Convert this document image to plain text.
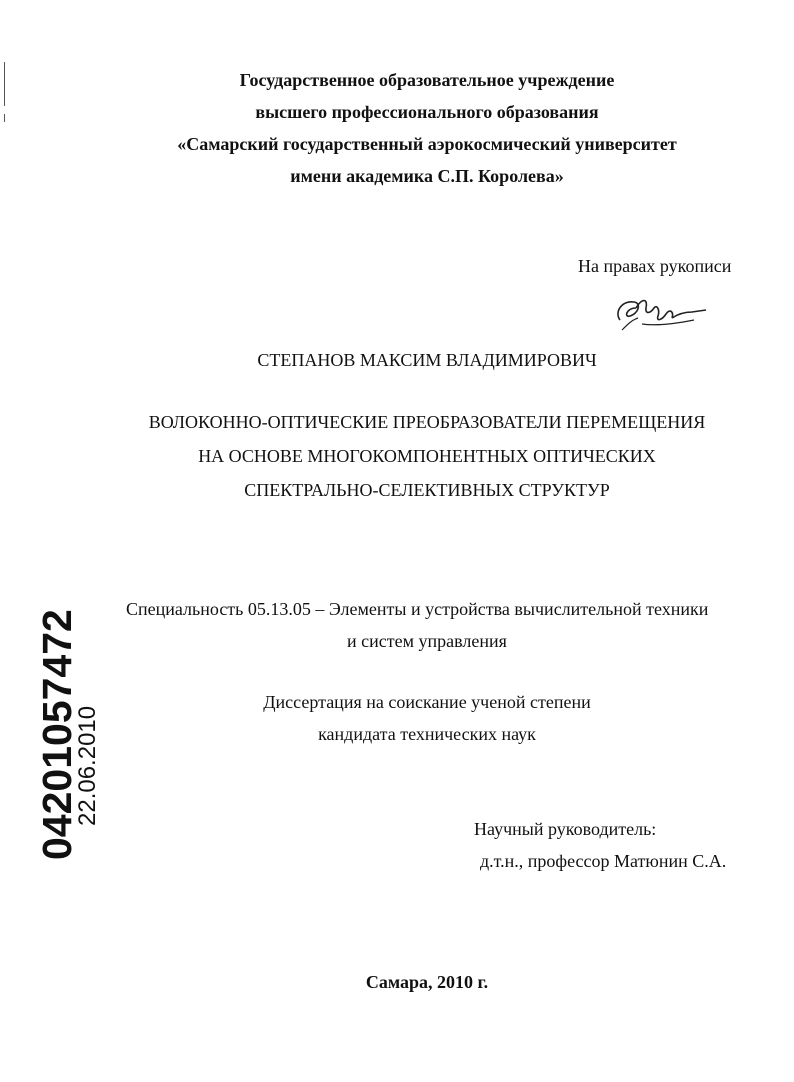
Государственное образовательное учреждение
высшего профессионального образования
«Самарский государственный аэрокосмический университет
имени академика С.П. Королева»
На правах рукописи
СТЕПАНОВ МАКСИМ ВЛАДИМИРОВИЧ
ВОЛОКОННО-ОПТИЧЕСКИЕ ПРЕОБРАЗОВАТЕЛИ ПЕРЕМЕЩЕНИЯ
НА ОСНОВЕ МНОГОКОМПОНЕНТНЫХ ОПТИЧЕСКИХ
СПЕКТРАЛЬНО-СЕЛЕКТИВНЫХ СТРУКТУР
Специальность 05.13.05 – Элементы и устройства вычислительной техники
и систем управления
Диссертация на соискание ученой степени
кандидата технических наук
Научный руководитель:
д.т.н., профессор Матюнин С.А.
Самара, 2010 г.
04201057472
22.06.2010
